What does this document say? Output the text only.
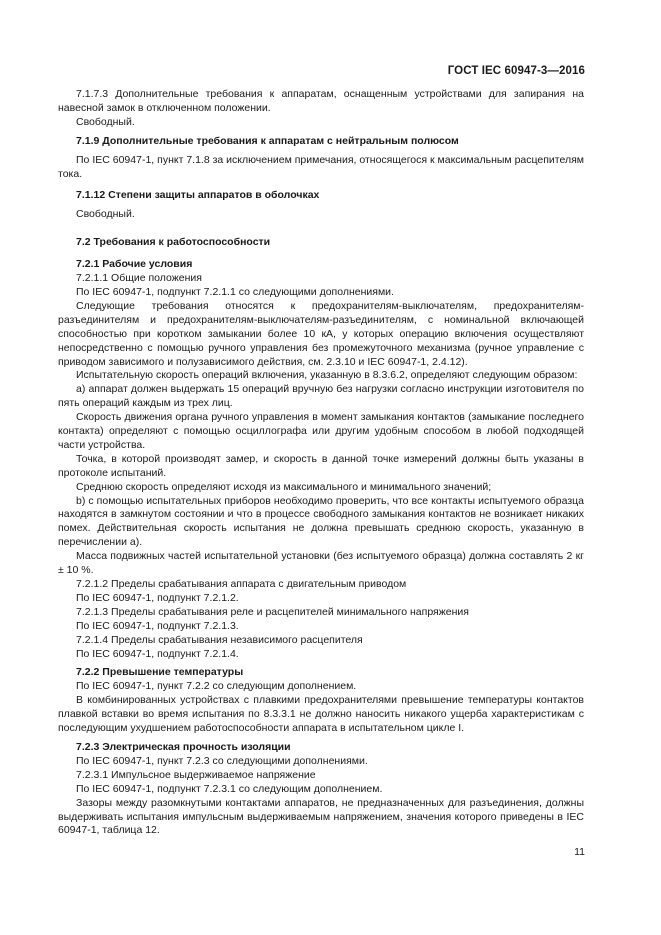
ГОСТ IEC 60947-3—2016

7.1.7.3 Дополнительные требования к аппаратам, оснащенным устройствами для запирания на навесной замок в отключенном положении.

Свободный.

7.1.9 Дополнительные требования к аппаратам с нейтральным полюсом

По IEC 60947-1, пункт 7.1.8 за исключением примечания, относящегося к максимальным расцепителям тока.

7.1.12 Степени защиты аппаратов в оболочках

Свободный.

7.2 Требования к работоспособности

7.2.1 Рабочие условия

7.2.1.1 Общие положения

По IEC 60947-1, подпункт 7.2.1.1 со следующими дополнениями.

Следующие требования относятся к предохранителям-выключателям, предохранителям-разъединителям и предохранителям-выключателям-разъединителям, с номинальной включающей способностью при коротком замыкании более 10 кА, у которых операцию включения осуществляют непосредственно с помощью ручного управления без промежуточного механизма (ручное управление с приводом зависимого и полузависимого действия, см. 2.3.10 и IEC 60947-1, 2.4.12).

Испытательную скорость операций включения, указанную в 8.3.6.2, определяют следующим образом:

а) аппарат должен выдержать 15 операций вручную без нагрузки согласно инструкции изготовителя по пять операций каждым из трех лиц.

Скорость движения органа ручного управления в момент замыкания контактов (замыкание последнего контакта) определяют с помощью осциллографа или другим удобным способом в любой подходящей части устройства.

Точка, в которой производят замер, и скорость в данной точке измерений должны быть указаны в протоколе испытаний.

Среднюю скорость определяют исходя из максимального и минимального значений;

b) с помощью испытательных приборов необходимо проверить, что все контакты испытуемого образца находятся в замкнутом состоянии и что в процессе свободного замыкания контактов не возникает никаких помех. Действительная скорость испытания не должна превышать среднюю скорость, указанную в перечислении а).

Масса подвижных частей испытательной установки (без испытуемого образца) должна составлять 2 кг ± 10 %.

7.2.1.2 Пределы срабатывания аппарата с двигательным приводом

По IEC 60947-1, подпункт 7.2.1.2.

7.2.1.3 Пределы срабатывания реле и расцепителей минимального напряжения

По IEC 60947-1, подпункт 7.2.1.3.

7.2.1.4 Пределы срабатывания независимого расцепителя

По IEC 60947-1, подпункт 7.2.1.4.

7.2.2 Превышение температуры

По IEC 60947-1, пункт 7.2.2 со следующим дополнением.

В комбинированных устройствах с плавкими предохранителями превышение температуры контактов плавкой вставки во время испытания по 8.3.3.1 не должно наносить никакого ущерба характеристикам с последующим ухудшением работоспособности аппарата в испытательном цикле I.

7.2.3 Электрическая прочность изоляции

По IEC 60947-1, пункт 7.2.3 со следующими дополнениями.

7.2.3.1 Импульсное выдерживаемое напряжение

По IEC 60947-1, подпункт 7.2.3.1 со следующим дополнением.

Зазоры между разомкнутыми контактами аппаратов, не предназначенных для разъединения, должны выдерживать испытания импульсным выдерживаемым напряжением, значения которого приведены в IEC 60947-1, таблица 12.

11
